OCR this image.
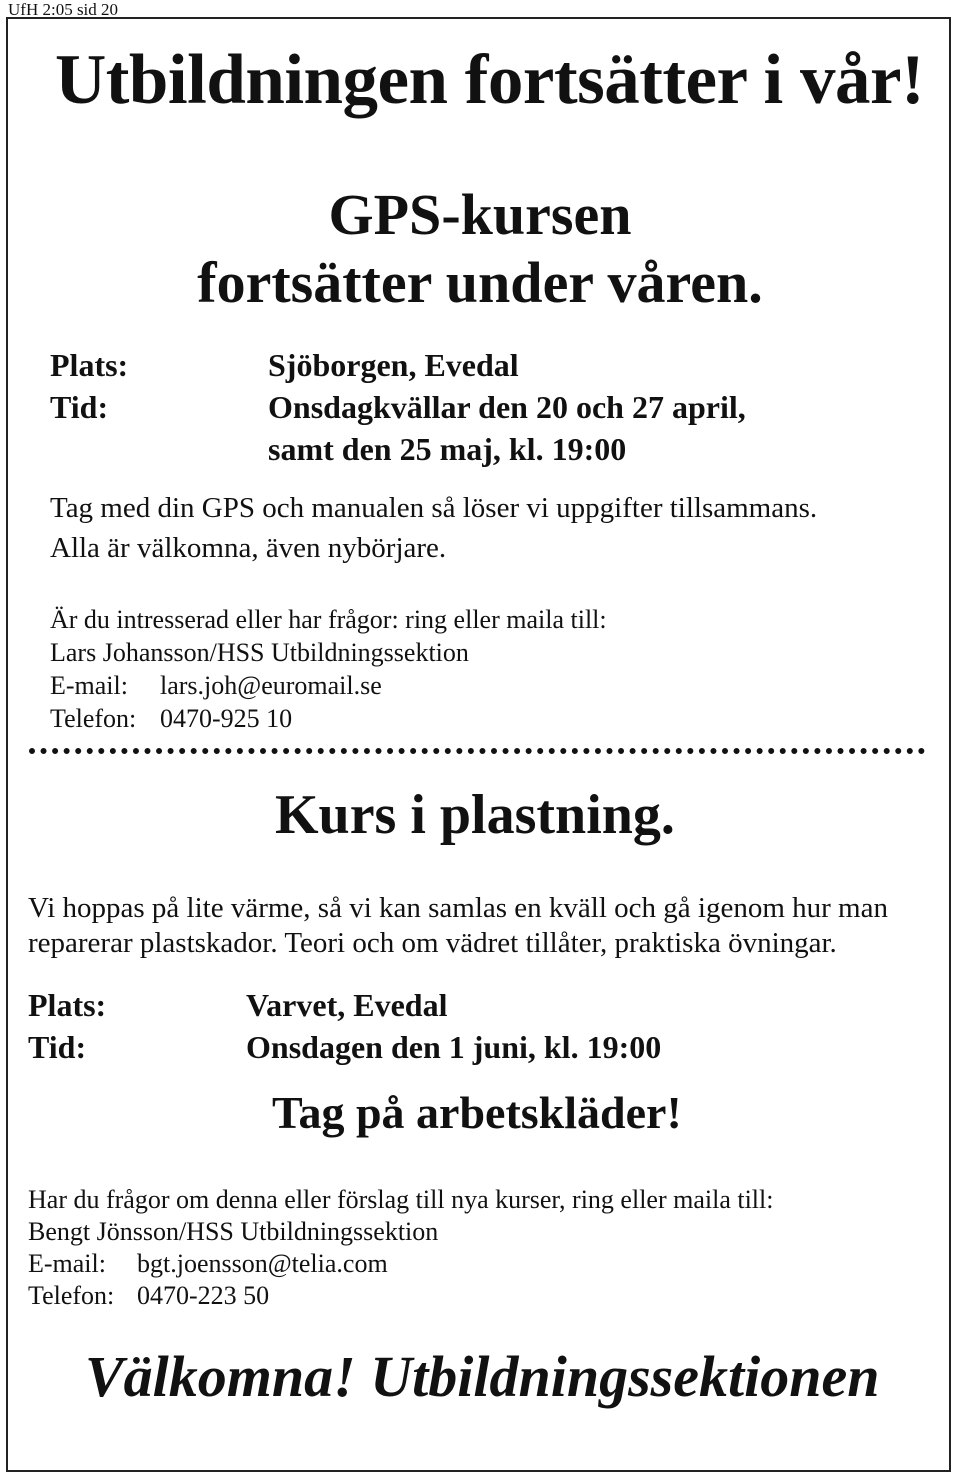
UfH 2:05 sid 20
Utbildningen fortsätter i vår!
GPS-kursen
fortsätter under våren.
Plats:	Sjöborgen, Evedal
Tid:	Onsdagkvällar den 20 och 27 april,
samt den 25 maj, kl. 19:00
Tag med din GPS och manualen så löser vi uppgifter tillsammans.
Alla är välkomna, även nybörjare.
Är du intresserad eller har frågor: ring eller maila till:
Lars Johansson/HSS Utbildningssektion
E-mail: lars.joh@euromail.se
Telefon: 0470-925 10
Kurs i plastning.
Vi hoppas på lite värme, så vi kan samlas en kväll och gå igenom hur man
reparerar plastskador. Teori och om vädret tillåter, praktiska övningar.
Plats:	Varvet, Evedal
Tid:	Onsdagen den 1 juni, kl. 19:00
Tag på arbetskläder!
Har du frågor om denna eller förslag till nya kurser, ring eller maila till:
Bengt Jönsson/HSS Utbildningssektion
E-mail: bgt.joensson@telia.com
Telefon: 0470-223 50
Välkomna! Utbildningssektionen
